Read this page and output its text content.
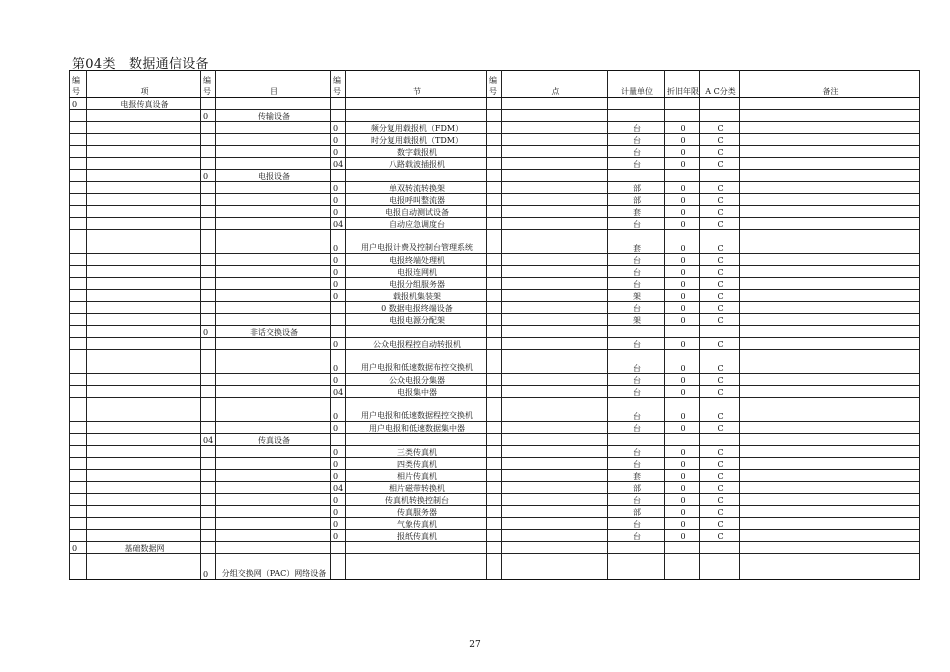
第04类   数据通信设备
编号	项	编号	目	编号	节	编号	点	计量单位	折旧年限	A C分类	备注

0	电报传真设备										
		0	传输设备								
				0	频分复用载报机（FDM）			台	0	C	
				0	时分复用载报机（TDM）			台	0	C	
				0	数字载报机			台	0	C	
				04	八路载波插报机			台	0	C	
		0	电报设备								
				0	单双转流转换架			部	0	C	
				0	电报呼叫整流器			部	0	C	
				0	电报自动测试设备			套	0	C	
				04	自动应急调度台			台	0	C	
				0	用户电报计费及控制台管理系统			套	0	C	
				0	电报终端处理机			台	0	C	
				0	电报连网机			台	0	C	
				0	电报分组服务器			台	0	C	
				0	载报机集装架			架	0	C	
					0 数据电报终端设备			台	0	C	
					电报电源分配架			架	0	C	
		0	非话交换设备								
				0	公众电报程控自动转报机			台	0	C	
				0	用户电报和低速数据布控交换机			台	0	C	
				0	公众电报分集器			台	0	C	
				04	电报集中器			台	0	C	
				0	用户电报和低速数据程控交换机			台	0	C	
				0	用户电报和低速数据集中器			台	0	C	
		04	传真设备								
				0	三类传真机			台	0	C	
				0	四类传真机			台	0	C	
				0	相片传真机			套	0	C	
				04	相片磁带转换机			部	0	C	
				0	传真机转换控制台			台	0	C	
				0	传真服务器			部	0	C	
				0	气象传真机			台	0	C	
				0	报纸传真机			台	0	C	
0	基础数据网										
		0	分组交换网（PAC）网络设备								
27
